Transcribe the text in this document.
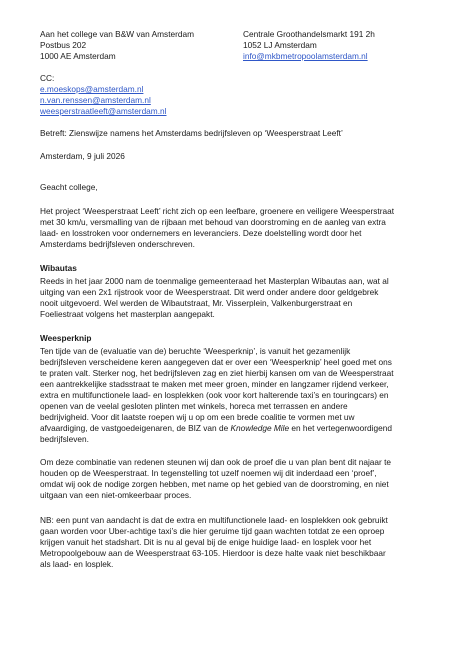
Aan het college van B&W van Amsterdam
Postbus 202
1000 AE Amsterdam
Centrale Groothandelsmarkt 191 2h
1052 LJ Amsterdam
info@mkbmetropoolamsterdam.nl
CC:
e.moeskops@amsterdam.nl
n.van.renssen@amsterdam.nl
weesperstraatleeft@amsterdam.nl
Betreft: Zienswijze namens het Amsterdams bedrijfsleven op ‘Weesperstraat Leeft’
Amsterdam, 9 juli 2026
Geacht college,
Het project ‘Weesperstraat Leeft’ richt zich op een leefbare, groenere en veiligere Weesperstraat
met 30 km/u, versmalling van de rijbaan met behoud van doorstroming en de aanleg van extra
laad- en losstroken voor ondernemers en leveranciers. Deze doelstelling wordt door het
Amsterdams bedrijfsleven onderschreven.
Wibautas
Reeds in het jaar 2000 nam de toenmalige gemeenteraad het Masterplan Wibautas aan, wat al
uitging van een 2x1 rijstrook voor de Weesperstraat. Dit werd onder andere door geldgebrek
nooit uitgevoerd. Wel werden de Wibautstraat, Mr. Visserplein, Valkenburgerstraat en
Foeliestraat volgens het masterplan aangepakt.
Weesperknip
Ten tijde van de (evaluatie van de) beruchte ‘Weesperknip’, is vanuit het gezamenlijk
bedrijfsleven verscheidene keren aangegeven dat er over een ‘Weesperknip’ heel goed met ons
te praten valt. Sterker nog, het bedrijfsleven zag en ziet hierbij kansen om van de Weesperstraat
een aantrekkelijke stadsstraat te maken met meer groen, minder en langzamer rijdend verkeer,
extra en multifunctionele laad- en losplekken (ook voor kort halterende taxi’s en touringcars) en
openen van de veelal gesloten plinten met winkels, horeca met terrassen en andere
bedrijvigheid. Voor dit laatste roepen wij u op om een brede coalitie te vormen met uw
afvaardiging, de vastgoedeigenaren, de BIZ van de Knowledge Mile en het vertegenwoordigend
bedrijfsleven.
Om deze combinatie van redenen steunen wij dan ook de proef die u van plan bent dit najaar te
houden op de Weesperstraat. In tegenstelling tot uzelf noemen wij dit inderdaad een ‘proef’,
omdat wij ook de nodige zorgen hebben, met name op het gebied van de doorstroming, en niet
uitgaan van een niet-omkeerbaar proces.
NB: een punt van aandacht is dat de extra en multifunctionele laad- en losplekken ook gebruikt
gaan worden voor Uber-achtige taxi’s die hier geruime tijd gaan wachten totdat ze een oproep
krijgen vanuit het stadshart. Dit is nu al geval bij de enige huidige laad- en losplek voor het
Metropoolgebouw aan de Weesperstraat 63-105. Hierdoor is deze halte vaak niet beschikbaar
als laad- en losplek.
